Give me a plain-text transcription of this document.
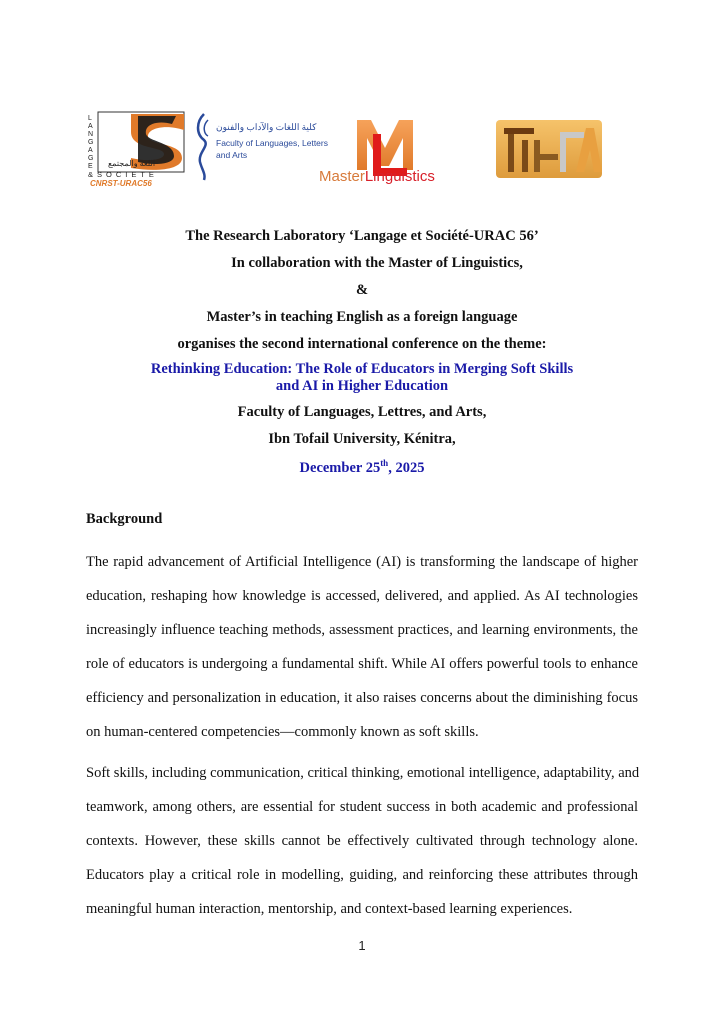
L
A
N
G
A
G
E اللغة والمجتمع
&SOCIETE
CNRST-URAC56
كلية اللغات والآداب والفنون
Faculty of Languages, Letters
and Arts
MasterLinguistics
The Research Laboratory ‘Langage et Société-URAC 56’
In collaboration with the Master of Linguistics,
&
Master’s in teaching English as a foreign language
organises the second international conference on the theme:
Rethinking Education: The Role of Educators in Merging Soft Skills
and AI in Higher Education
Faculty of Languages, Lettres, and Arts,
Ibn Tofail University, Kénitra,
December 25th, 2025
Background
The rapid advancement of Artificial Intelligence (AI) is transforming the landscape of higher
education, reshaping how knowledge is accessed, delivered, and applied. As AI technologies
increasingly influence teaching methods, assessment practices, and learning environments, the
role of educators is undergoing a fundamental shift. While AI offers powerful tools to enhance
efficiency and personalization in education, it also raises concerns about the diminishing focus
on human-centered competencies—commonly known as soft skills.
Soft skills, including communication, critical thinking, emotional intelligence, adaptability, and
teamwork, among others, are essential for student success in both academic and professional
contexts. However, these skills cannot be effectively cultivated through technology alone.
Educators play a critical role in modelling, guiding, and reinforcing these attributes through
meaningful human interaction, mentorship, and context-based learning experiences.
1
